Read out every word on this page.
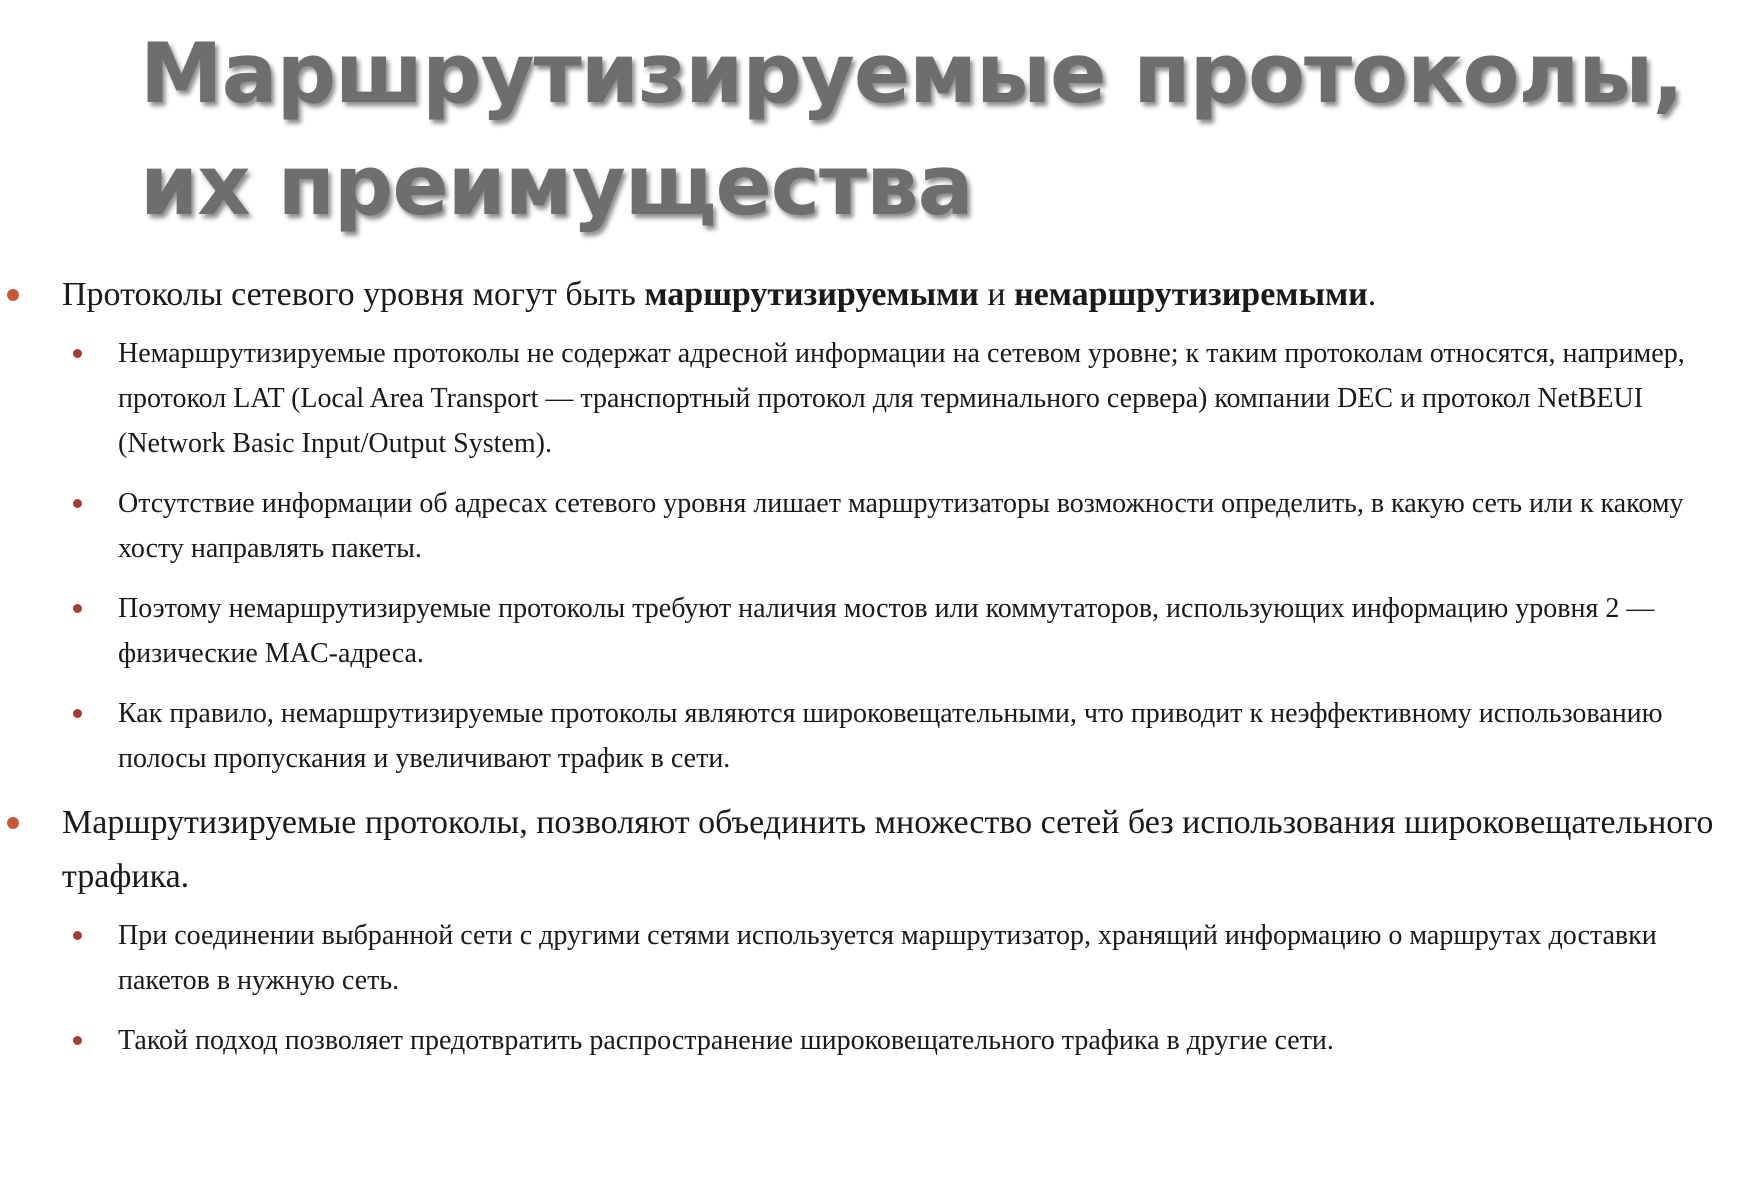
Маршрутизируемые протоколы, их преимущества
Протоколы сетевого уровня могут быть маршрутизируемыми и немаршрутизиремыми.
Немаршрутизируемые протоколы не содержат адресной информации на сетевом уровне; к таким протоколам относятся, например, протокол LAT (Local Area Transport — транспортный протокол для терминального сервера) компании DEC и протокол NetBEUI (Network Basic Input/Output System).
Отсутствие информации об адресах сетевого уровня лишает маршрутизаторы возможности определить, в какую сеть или к какому хосту направлять пакеты.
Поэтому немаршрутизируемые протоколы требуют наличия мостов или коммутаторов, использующих информацию уровня 2 — физические MAC-адреса.
Как правило, немаршрутизируемые протоколы являются широковещательными, что приводит к неэффективному использованию полосы пропускания и увеличивают трафик в сети.
Маршрутизируемые протоколы, позволяют объединить множество сетей без использования широковещательного трафика.
При соединении выбранной сети с другими сетями используется маршрутизатор, хранящий информацию о маршрутах доставки пакетов в нужную сеть.
Такой подход позволяет предотвратить распространение широковещательного трафика в другие сети.
